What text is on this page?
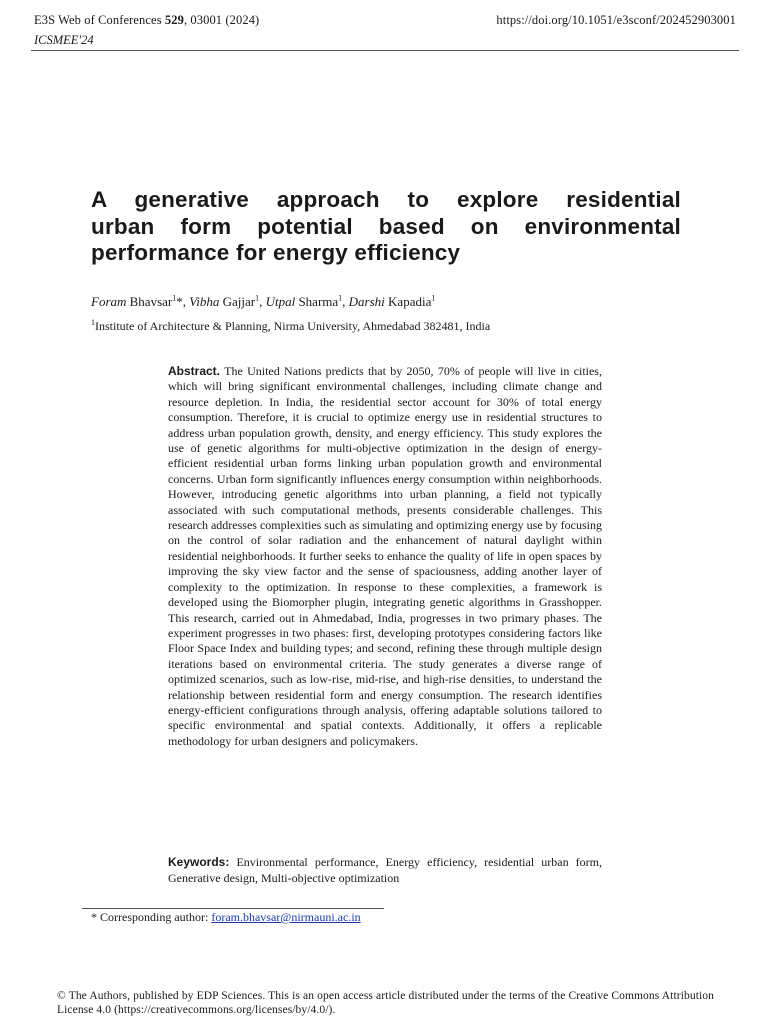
E3S Web of Conferences 529, 03001 (2024)	https://doi.org/10.1051/e3sconf/202452903001
ICSMEE'24
A generative approach to explore residential
urban form potential based on environmental
performance for energy efficiency
Foram Bhavsar$^1$*, Vibha Gajjar$^1$, Utpal Sharma$^1$, Darshi Kapadia$^1$
$^1$Institute of Architecture & Planning, Nirma University, Ahmedabad 382481, India
Abstract. The United Nations predicts that by 2050, 70% of people will live in cities, which will bring significant environmental challenges, including climate change and resource depletion. In India, the residential sector account for 30% of total energy consumption. Therefore, it is crucial to optimize energy use in residential structures to address urban population growth, density, and energy efficiency. This study explores the use of genetic algorithms for multi-objective optimization in the design of energy-efficient residential urban forms linking urban population growth and environmental concerns. Urban form significantly influences energy consumption within neighborhoods. However, introducing genetic algorithms into urban planning, a field not typically associated with such computational methods, presents considerable challenges. This research addresses complexities such as simulating and optimizing energy use by focusing on the control of solar radiation and the enhancement of natural daylight within residential neighborhoods. It further seeks to enhance the quality of life in open spaces by improving the sky view factor and the sense of spaciousness, adding another layer of complexity to the optimization. In response to these complexities, a framework is developed using the Biomorpher plugin, integrating genetic algorithms in Grasshopper. This research, carried out in Ahmedabad, India, progresses in two primary phases. The experiment progresses in two phases: first, developing prototypes considering factors like Floor Space Index and building types; and second, refining these through multiple design iterations based on environmental criteria. The study generates a diverse range of optimized scenarios, such as low-rise, mid-rise, and high-rise densities, to understand the relationship between residential form and energy consumption. The research identifies energy-efficient configurations through analysis, offering adaptable solutions tailored to specific environmental and spatial contexts. Additionally, it offers a replicable methodology for urban designers and policymakers.
Keywords: Environmental performance, Energy efficiency, residential urban form, Generative design, Multi-objective optimization
* Corresponding author: foram.bhavsar@nirmauni.ac.in
© The Authors, published by EDP Sciences. This is an open access article distributed under the terms of the Creative Commons Attribution License 4.0 (https://creativecommons.org/licenses/by/4.0/).
